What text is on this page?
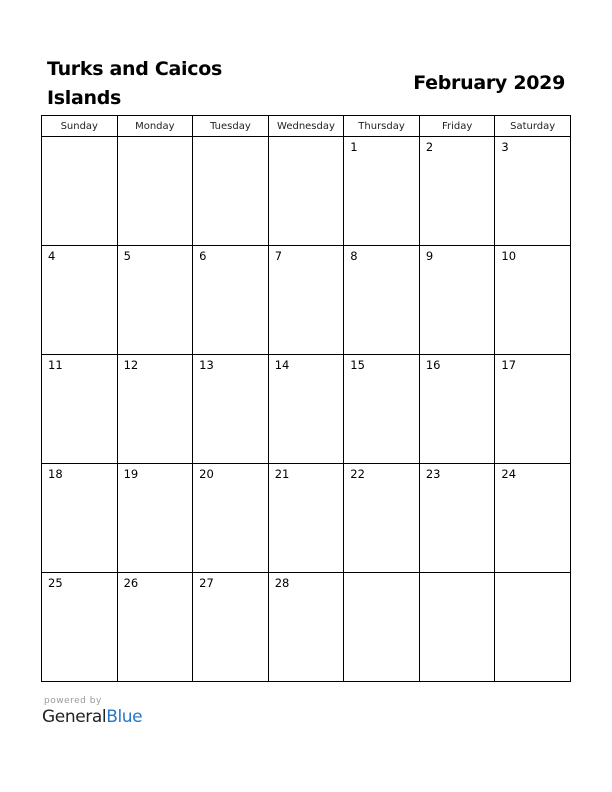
Turks and Caicos Islands
February 2029
Sunday	Monday	Tuesday	Wednesday	Thursday	Friday	Saturday

				1	2	3

4	5	6	7	8	9	10

11	12	13	14	15	16	17

18	19	20	21	22	23	24

25	26	27	28			

powered by
GeneralBlue
